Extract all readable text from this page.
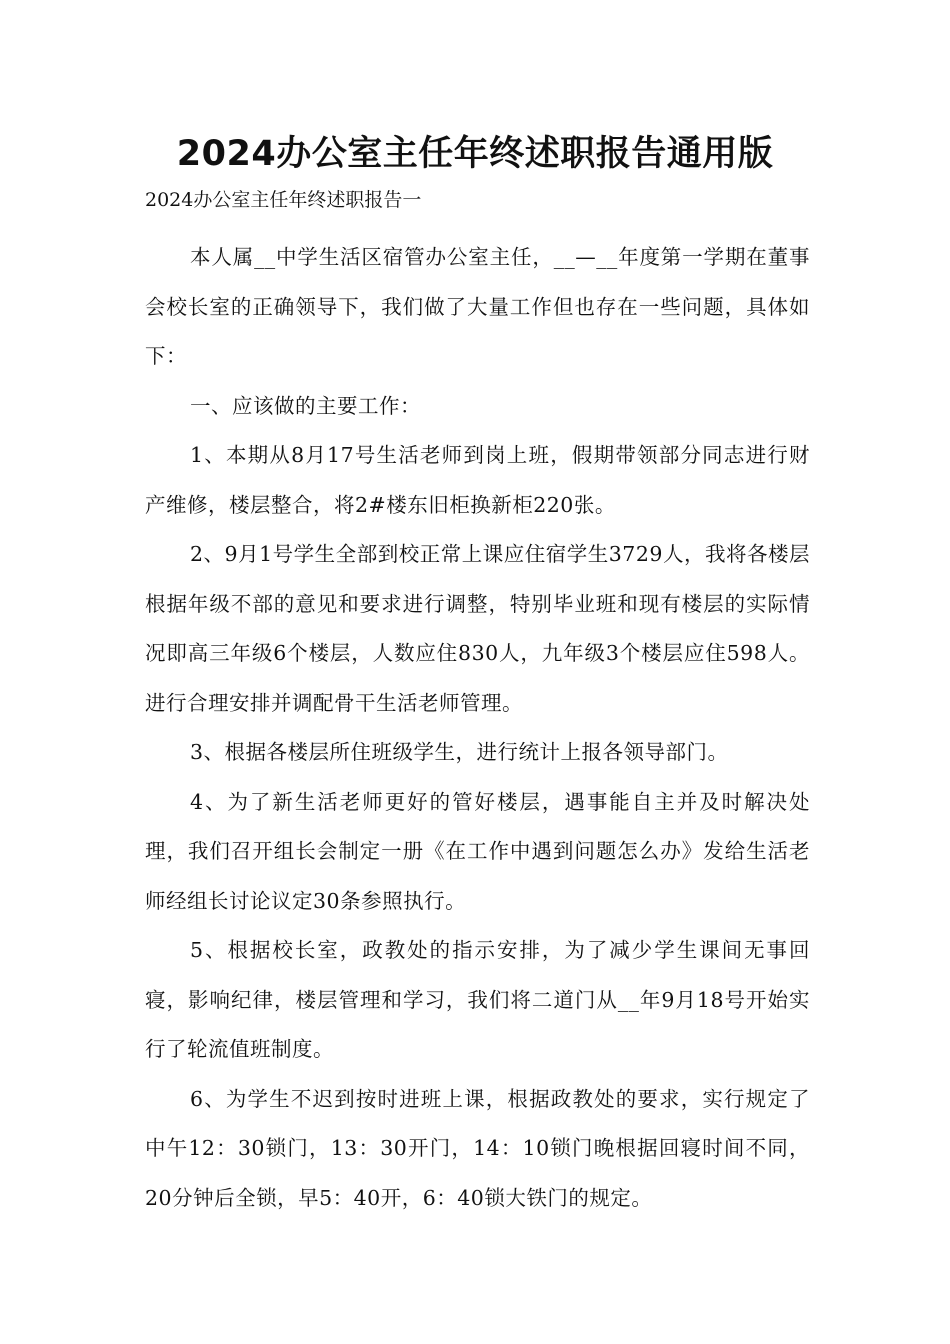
2024办公室主任年终述职报告通用版

2024办公室主任年终述职报告一

本人属__中学生活区宿管办公室主任，__—__年度第一学期在董事会校长室的正确领导下，我们做了大量工作但也存在一些问题，具体如下：

一、应该做的主要工作：

1、本期从8月17号生活老师到岗上班，假期带领部分同志进行财产维修，楼层整合，将2#楼东旧柜换新柜220张。

2、9月1号学生全部到校正常上课应住宿学生3729人，我将各楼层根据年级不部的意见和要求进行调整，特别毕业班和现有楼层的实际情况即高三年级6个楼层，人数应住830人，九年级3个楼层应住598人。进行合理安排并调配骨干生活老师管理。

3、根据各楼层所住班级学生，进行统计上报各领导部门。

4、为了新生活老师更好的管好楼层，遇事能自主并及时解决处理，我们召开组长会制定一册《在工作中遇到问题怎么办》发给生活老师经组长讨论议定30条参照执行。

5、根据校长室，政教处的指示安排，为了减少学生课间无事回寝，影响纪律，楼层管理和学习，我们将二道门从__年9月18号开始实行了轮流值班制度。

6、为学生不迟到按时进班上课，根据政教处的要求，实行规定了中午12：30锁门，13：30开门，14：10锁门晚根据回寝时间不同，20分钟后全锁，早5：40开，6：40锁大铁门的规定。
